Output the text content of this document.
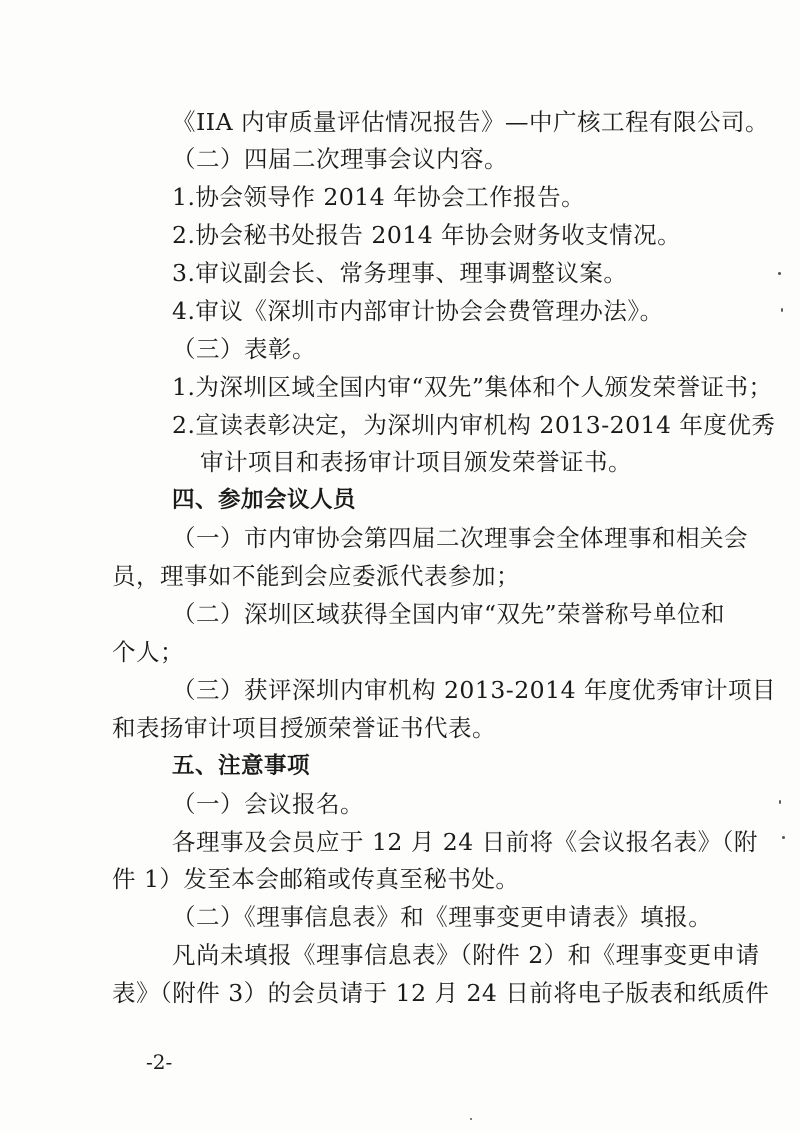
《IIA 内审质量评估情况报告》—中广核工程有限公司。
（二）四届二次理事会议内容。
1.协会领导作 2014 年协会工作报告。
2.协会秘书处报告 2014 年协会财务收支情况。
3.审议副会长、常务理事、理事调整议案。
4.审议《深圳市内部审计协会会费管理办法》。
（三）表彰。
1.为深圳区域全国内审“双先”集体和个人颁发荣誉证书；
2.宣读表彰决定，为深圳内审机构 2013-2014 年度优秀
审计项目和表扬审计项目颁发荣誉证书。
四、参加会议人员
（一）市内审协会第四届二次理事会全体理事和相关会
员，理事如不能到会应委派代表参加；
（二）深圳区域获得全国内审“双先”荣誉称号单位和
个人；
（三）获评深圳内审机构 2013-2014 年度优秀审计项目
和表扬审计项目授颁荣誉证书代表。
五、注意事项
（一）会议报名。
各理事及会员应于 12 月 24 日前将《会议报名表》（附
件 1）发至本会邮箱或传真至秘书处。
（二）《理事信息表》和《理事变更申请表》填报。
凡尚未填报《理事信息表》（附件 2）和《理事变更申请
表》（附件 3）的会员请于 12 月 24 日前将电子版表和纸质件
-2-
